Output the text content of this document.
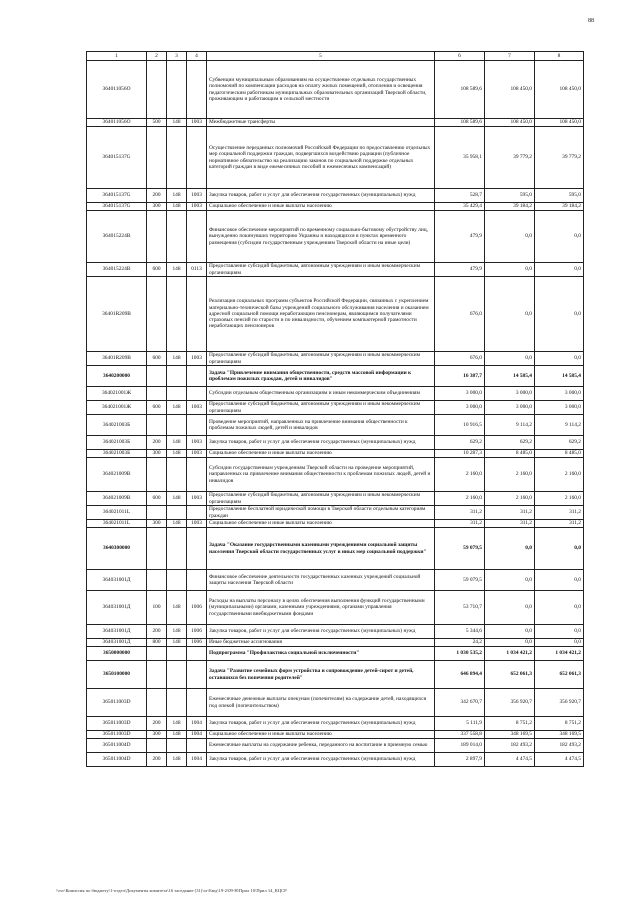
88
1	2	3	4	5	6	7	8
364011056О				Субвенции муниципальным образованиям на осуществление отдельных государственных полномочий по компенсации расходов на оплату жилых помещений, отопления и освещения педагогическим работникам муниципальных образовательных организаций Тверской области, проживающим и работающим в сельской местности	108 589,6	108 450,0	108 450,0
364011056О	500	148	1003	Межбюджетные трансферты	108 589,6	108 450,0	108 450,0
364015137G				Осуществление переданных полномочий Российской Федерации по предоставлению отдельных мер социальной поддержки граждан, подвергшихся воздействию радиации (публичное нормативное обязательство на реализацию законов по социальной поддержке отдельных категорий граждан в виде ежемесячных пособий и ежемесячных компенсаций)	35 958,1	39 779,2	39 779,2
364015137G	200	148	1003	Закупка товаров, работ и услуг для обеспечения государственных (муниципальных) нужд	528,7	595,0	595,0
364015137G	300	148	1003	Социальное обеспечение и иные выплаты населению	35 429,4	39 184,2	39 184,2
364015224В				Финансовое обеспечение мероприятий по временному социально-бытовому обустройству лиц, вынужденно покинувших территорию Украины и находящихся в пунктах временного размещения (субсидии государственным учреждениям Тверской области на иные цели)	479,9	0,0	0,0
364015224В	600	148	0113	Предоставление субсидий бюджетным, автономным учреждениям и иным некоммерческим организациям	479,9	0,0	0,0
36401R209В				Реализация социальных программ субъектов Российской Федерации, связанных с укреплением материально-технической базы учреждений социального обслуживания населения и оказанием адресной социальной помощи неработающим пенсионерам, являющимся получателями страховых пенсий по старости и по инвалидности, обучением компьютерной грамотности неработающих пенсионеров	676,0	0,0	0,0
36401R209В	600	148	1003	Предоставление субсидий бюджетным, автономным учреждениям и иным некоммерческим организациям	676,0	0,0	0,0
3640200000				Задача "Привлечение внимания общественности, средств массовой информации к проблемам пожилых граждан, детей и инвалидов"	16 387,7	14 585,4	14 585,4
364021001Ж				Субсидии отдельным общественным организациям и иным некоммерческим объединениям	3 000,0	3 000,0	3 000,0
364021001Ж	600	148	1003	Предоставление субсидий бюджетным, автономным учреждениям и иным некоммерческим организациям	3 000,0	3 000,0	3 000,0
364021003Б				Проведение мероприятий, направленных на привлечение внимания общественности к проблемам пожилых людей, детей и инвалидов	10 916,5	9 114,2	9 114,2
364021003Б	200	148	1003	Закупка товаров, работ и услуг для обеспечения государственных (муниципальных) нужд	629,2	629,2	629,2
364021003Б	300	148	1003	Социальное обеспечение и иные выплаты населению	10 287,3	8 485,0	8 485,0
364021009В				Субсидии государственным учреждениям Тверской области на проведение мероприятий, направленных на привлечение внимания общественности к проблемам пожилых людей, детей и инвалидов	2 160,0	2 160,0	2 160,0
364021009В	600	148	1003	Предоставление субсидий бюджетным, автономным учреждениям и иным некоммерческим организациям	2 160,0	2 160,0	2 160,0
364021011L				Предоставление бесплатной юридической помощи в Тверской области отдельным категориям граждан	311,2	311,2	311,2
364021011L	300	148	1003	Социальное обеспечение и иные выплаты населению	311,2	311,2	311,2
3640300000				Задача "Оказание государственными казенными учреждениями социальной защиты населения Тверской области государственных услуг в иных мер социальной поддержки"	59 079,5	0,0	0,0
364031001Д				Финансовое обеспечение деятельности государственных казенных учреждений социальной защиты населения Тверской области	59 079,5	0,0	0,0
364031001Д	100	148	1006	Расходы на выплаты персоналу в целях обеспечения выполнения функций государственными (муниципальными) органами, казенными учреждениями, органами управления государственными внебюджетными фондами	53 710,7	0,0	0,0
364031001Д	200	148	1006	Закупка товаров, работ и услуг для обеспечения государственных (муниципальных) нужд	5 344,6	0,0	0,0
364031001Д	800	148	1006	Иные бюджетные ассигнования	24,2	0,0	0,0
3650000000				Подпрограмма "Профилактика социальной исключенности"	1 030 535,2	1 034 421,2	1 034 421,2
3650100000				Задача "Развитие семейных форм устройства и сопровождение детей-сирот и детей, оставшихся без попечения родителей"	646 894,4	652 061,3	652 061,3
365011003D				Ежемесячные денежные выплаты опекунам (попечителям) на содержание детей, находящихся под опекой (попечительством)	342 670,7	356 920,7	356 920,7
365011003D	200	148	1004	Закупка товаров, работ и услуг для обеспечения государственных (муниципальных) нужд	5 111,9	8 751,2	8 751,2
365011003D	300	148	1004	Социальное обеспечение и иные выплаты населению	337 558,8	348 169,5	348 169,5
365011004D				Ежемесячные выплаты на содержание ребенка, переданного на воспитание в приемную семью	189 014,0	182 493,2	182 493,2
365011004D	200	148	1004	Закупка товаров, работ и услуг для обеспечения государственных (муниципальных) нужд	2 897,9	4 474,5	4 474,5
\\rsv\Комиссия по бюджету\1-отдел\Документы комитета\16 заседание (31)\ог\Бюд\19-2\09-Н\Прил 10\Прил 14_КЦСР
